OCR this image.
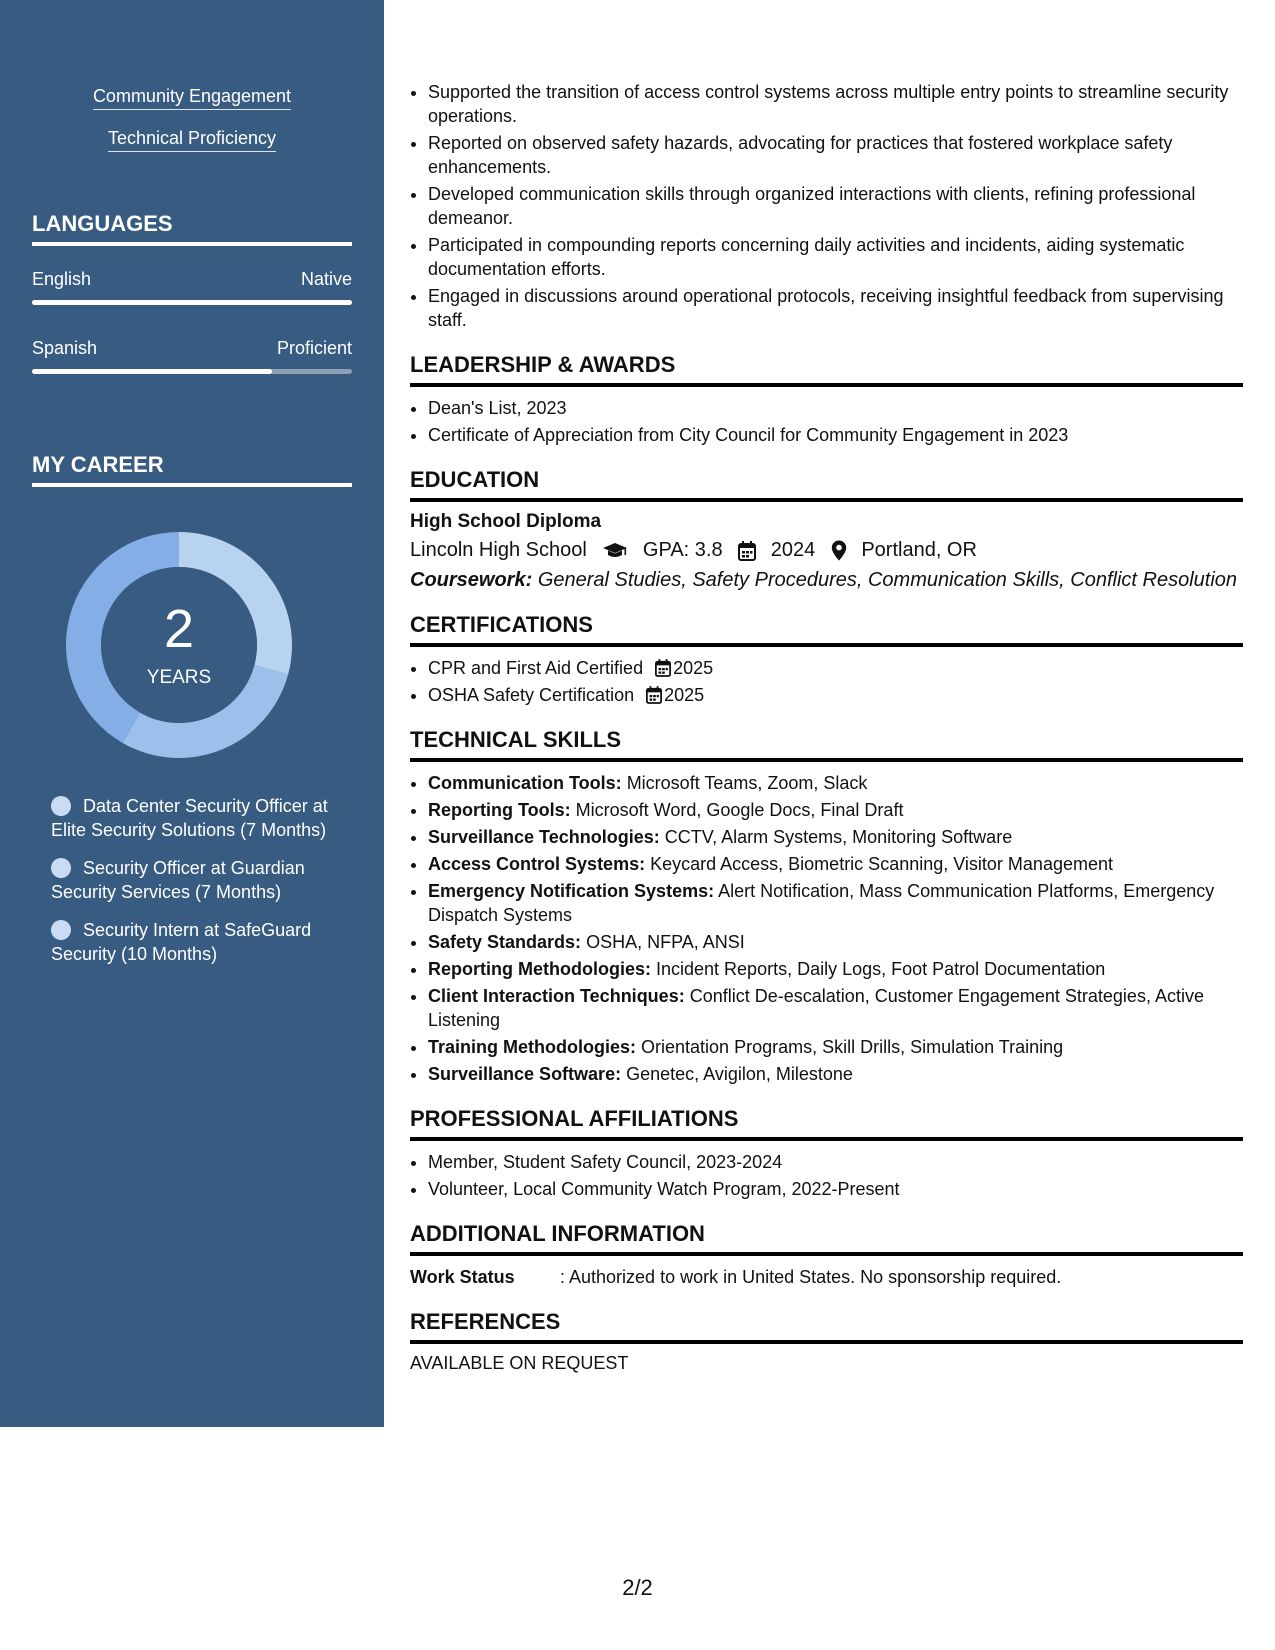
Community Engagement
Technical Proficiency
LANGUAGES
English	Native
Spanish	Proficient
MY CAREER
2
YEARS
Data Center Security Officer at Elite Security Solutions (7 Months)
Security Officer at Guardian Security Services (7 Months)
Security Intern at SafeGuard Security (10 Months)
• Supported the transition of access control systems across multiple entry points to streamline security operations.
• Reported on observed safety hazards, advocating for practices that fostered workplace safety enhancements.
• Developed communication skills through organized interactions with clients, refining professional demeanor.
• Participated in compounding reports concerning daily activities and incidents, aiding systematic documentation efforts.
• Engaged in discussions around operational protocols, receiving insightful feedback from supervising staff.
LEADERSHIP & AWARDS
• Dean's List, 2023
• Certificate of Appreciation from City Council for Community Engagement in 2023
EDUCATION
High School Diploma
Lincoln High School	GPA: 3.8 2024 Portland, OR
Coursework: General Studies, Safety Procedures, Communication Skills, Conflict Resolution
CERTIFICATIONS
• CPR and First Aid Certified 2025
• OSHA Safety Certification 2025
TECHNICAL SKILLS
• Communication Tools: Microsoft Teams, Zoom, Slack
• Reporting Tools: Microsoft Word, Google Docs, Final Draft
• Surveillance Technologies: CCTV, Alarm Systems, Monitoring Software
• Access Control Systems: Keycard Access, Biometric Scanning, Visitor Management
• Emergency Notification Systems: Alert Notification, Mass Communication Platforms, Emergency Dispatch Systems
• Safety Standards: OSHA, NFPA, ANSI
• Reporting Methodologies: Incident Reports, Daily Logs, Foot Patrol Documentation
• Client Interaction Techniques: Conflict De-escalation, Customer Engagement Strategies, Active Listening
• Training Methodologies: Orientation Programs, Skill Drills, Simulation Training
• Surveillance Software: Genetec, Avigilon, Milestone
PROFESSIONAL AFFILIATIONS
• Member, Student Safety Council, 2023-2024
• Volunteer, Local Community Watch Program, 2022-Present
ADDITIONAL INFORMATION
Work Status	: Authorized to work in United States. No sponsorship required.
REFERENCES
AVAILABLE ON REQUEST
2/2
